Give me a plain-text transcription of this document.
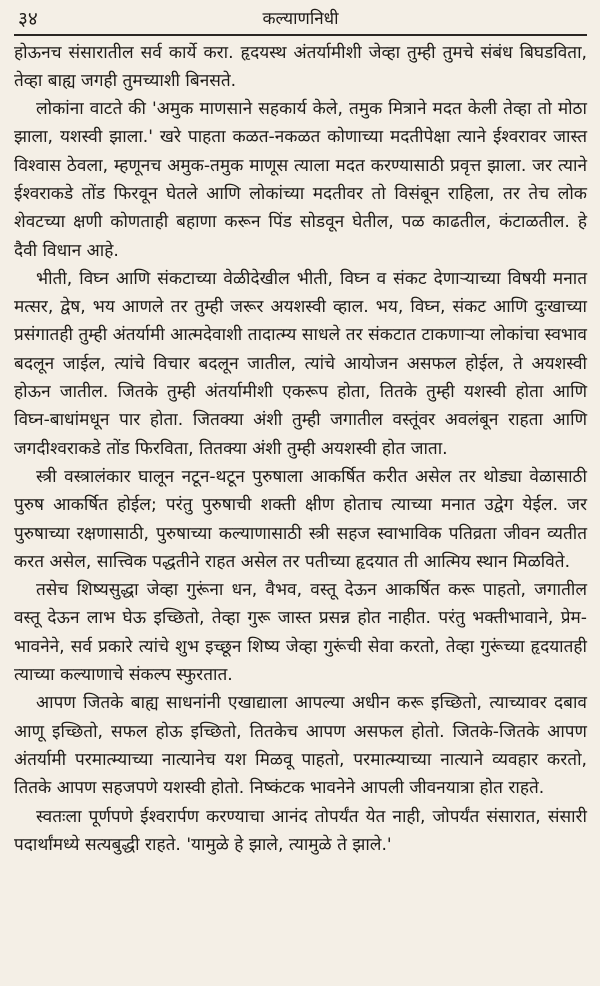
३४	कल्याणनिधी

होऊनच संसारातील सर्व कार्ये करा. हृदयस्थ अंतर्यामीशी जेव्हा तुम्ही तुमचे संबंध बिघडविता, तेव्हा बाह्य जगही तुमच्याशी बिनसते.

लोकांना वाटते की 'अमुक माणसाने सहकार्य केले, तमुक मित्राने मदत केली तेव्हा तो मोठा झाला, यशस्वी झाला.' खरे पाहता कळत-नकळत कोणाच्या मदतीपेक्षा त्याने ईश्वरावर जास्त विश्वास ठेवला, म्हणूनच अमुक-तमुक माणूस त्याला मदत करण्यासाठी प्रवृत्त झाला. जर त्याने ईश्वराकडे तोंड फिरवून घेतले आणि लोकांच्या मदतीवर तो विसंबून राहिला, तर तेच लोक शेवटच्या क्षणी कोणताही बहाणा करून पिंड सोडवून घेतील, पळ काढतील, कंटाळतील. हे दैवी विधान आहे.

भीती, विघ्न आणि संकटाच्या वेळीदेखील भीती, विघ्न व संकट देणाऱ्याच्या विषयी मनात मत्सर, द्वेष, भय आणले तर तुम्ही जरूर अयशस्वी व्हाल. भय, विघ्न, संकट आणि दुःखाच्या प्रसंगातही तुम्ही अंतर्यामी आत्मदेवाशी तादात्म्य साधले तर संकटात टाकणाऱ्या लोकांचा स्वभाव बदलून जाईल, त्यांचे विचार बदलून जातील, त्यांचे आयोजन असफल होईल, ते अयशस्वी होऊन जातील. जितके तुम्ही अंतर्यामीशी एकरूप होता, तितके तुम्ही यशस्वी होता आणि विघ्न-बाधांमधून पार होता. जितक्या अंशी तुम्ही जगातील वस्तूंवर अवलंबून राहता आणि जगदीश्वराकडे तोंड फिरविता, तितक्या अंशी तुम्ही अयशस्वी होत जाता.

स्त्री वस्त्रालंकार घालून नटून-थटून पुरुषाला आकर्षित करीत असेल तर थोड्या वेळासाठी पुरुष आकर्षित होईल; परंतु पुरुषाची शक्ती क्षीण होताच त्याच्या मनात उद्वेग येईल. जर पुरुषाच्या रक्षणासाठी, पुरुषाच्या कल्याणासाठी स्त्री सहज स्वाभाविक पतिव्रता जीवन व्यतीत करत असेल, सात्त्विक पद्धतीने राहत असेल तर पतीच्या हृदयात ती आत्मिय स्थान मिळविते.

तसेच शिष्यसुद्धा जेव्हा गुरूंना धन, वैभव, वस्तू देऊन आकर्षित करू पाहतो, जगातील वस्तू देऊन लाभ घेऊ इच्छितो, तेव्हा गुरू जास्त प्रसन्न होत नाहीत. परंतु भक्तीभावाने, प्रेम-भावनेने, सर्व प्रकारे त्यांचे शुभ इच्छून शिष्य जेव्हा गुरूंची सेवा करतो, तेव्हा गुरूंच्या हृदयातही त्याच्या कल्याणाचे संकल्प स्फुरतात.

आपण जितके बाह्य साधनांनी एखाद्याला आपल्या अधीन करू इच्छितो, त्याच्यावर दबाव आणू इच्छितो, सफल होऊ इच्छितो, तितकेच आपण असफल होतो. जितके-जितके आपण अंतर्यामी परमात्म्याच्या नात्यानेच यश मिळवू पाहतो, परमात्म्याच्या नात्याने व्यवहार करतो, तितके आपण सहजपणे यशस्वी होतो. निष्कंटक भावनेने आपली जीवनयात्रा होत राहते.

स्वतःला पूर्णपणे ईश्वरार्पण करण्याचा आनंद तोपर्यंत येत नाही, जोपर्यंत संसारात, संसारी पदार्थांमध्ये सत्यबुद्धी राहते. 'यामुळे हे झाले, त्यामुळे ते झाले.'
